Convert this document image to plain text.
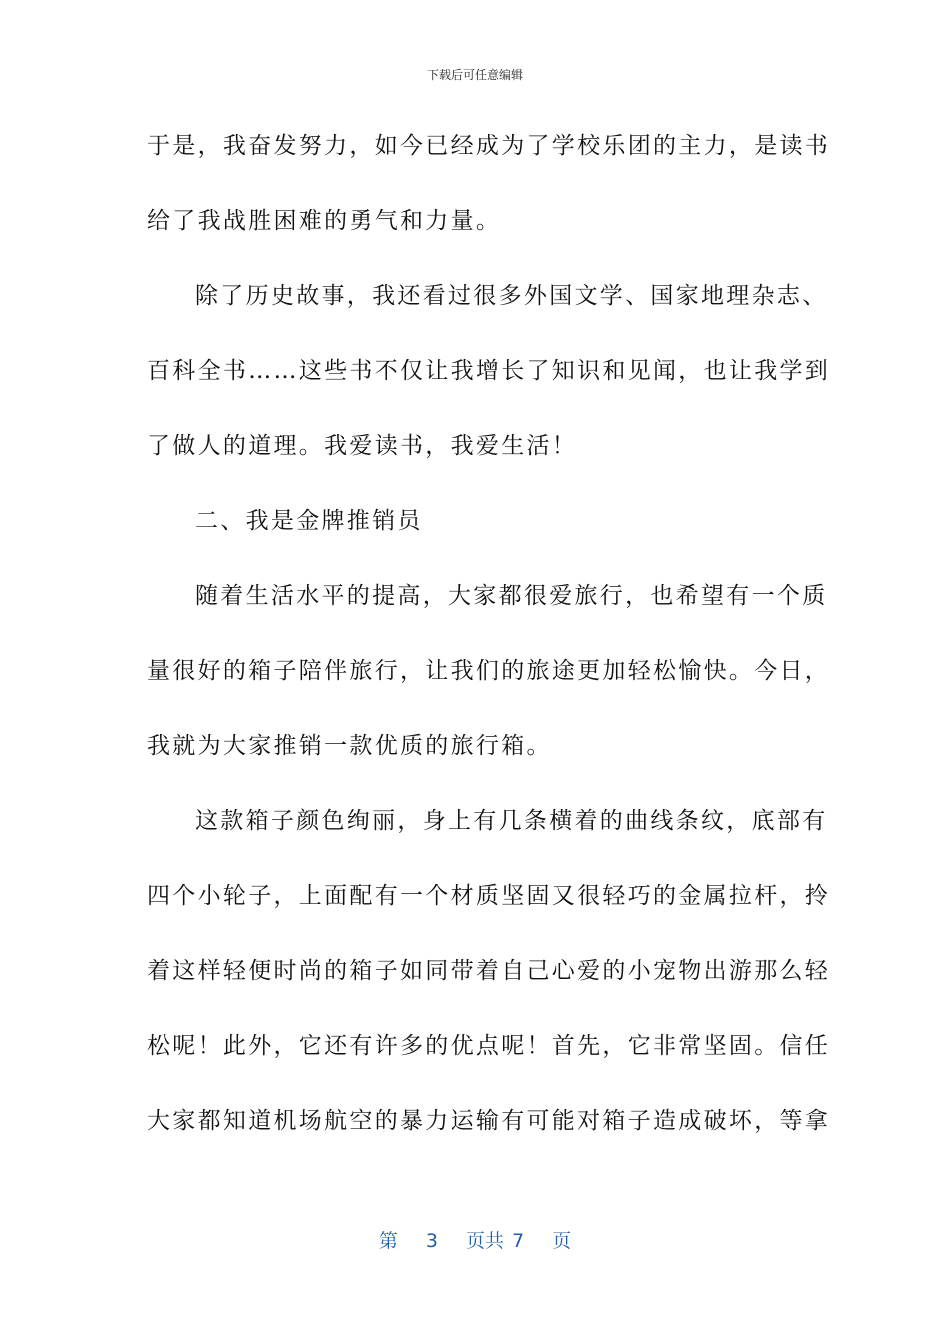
下载后可任意编辑
于是，我奋发努力，如今已经成为了学校乐团的主力，是读书
给了我战胜困难的勇气和力量。
除了历史故事，我还看过很多外国文学、国家地理杂志、
百科全书……这些书不仅让我增长了知识和见闻，也让我学到
了做人的道理。我爱读书，我爱生活！
二、我是金牌推销员
随着生活水平的提高，大家都很爱旅行，也希望有一个质
量很好的箱子陪伴旅行，让我们的旅途更加轻松愉快。今日，
我就为大家推销一款优质的旅行箱。
这款箱子颜色绚丽，身上有几条横着的曲线条纹，底部有
四个小轮子，上面配有一个材质坚固又很轻巧的金属拉杆，拎
着这样轻便时尚的箱子如同带着自己心爱的小宠物出游那么轻
松呢！此外，它还有许多的优点呢！首先，它非常坚固。信任
大家都知道机场航空的暴力运输有可能对箱子造成破坏，等拿
第 3 页共 7 页
